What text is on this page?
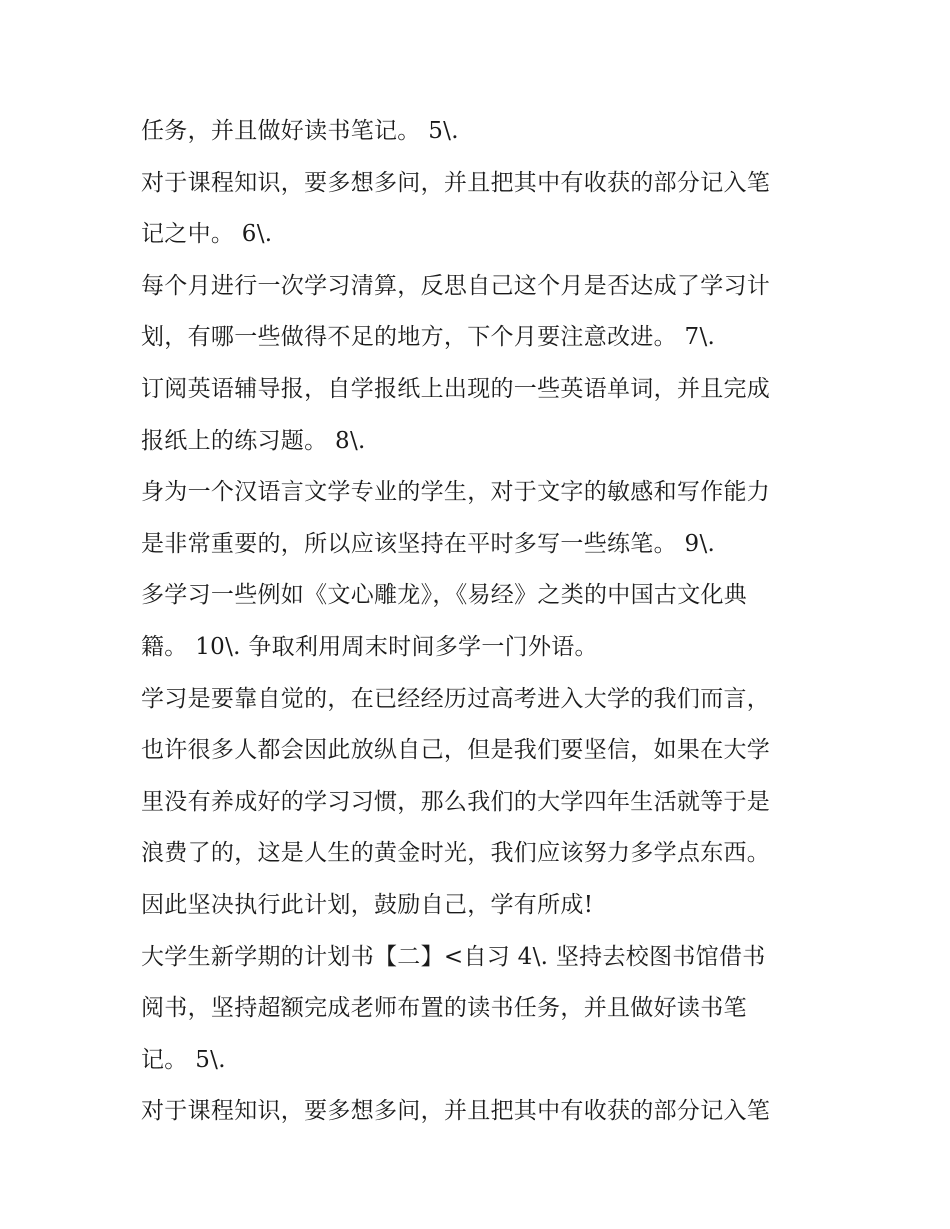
任务，并且做好读书笔记。 5\.
对于课程知识，要多想多问，并且把其中有收获的部分记入笔
记之中。 6\.
每个月进行一次学习清算，反思自己这个月是否达成了学习计
划，有哪一些做得不足的地方，下个月要注意改进。 7\.
订阅英语辅导报，自学报纸上出现的一些英语单词，并且完成
报纸上的练习题。 8\.
身为一个汉语言文学专业的学生，对于文字的敏感和写作能力
是非常重要的，所以应该坚持在平时多写一些练笔。 9\.
多学习一些例如《文心雕龙》，《易经》之类的中国古文化典
籍。 10\. 争取利用周末时间多学一门外语。
学习是要靠自觉的，在已经经历过高考进入大学的我们而言，
也许很多人都会因此放纵自己，但是我们要坚信，如果在大学
里没有养成好的学习习惯，那么我们的大学四年生活就等于是
浪费了的，这是人生的黄金时光，我们应该努力多学点东西。
因此坚决执行此计划，鼓励自己，学有所成!
大学生新学期的计划书【二】<自习 4\. 坚持去校图书馆借书
阅书，坚持超额完成老师布置的读书任务，并且做好读书笔
记。 5\.
对于课程知识，要多想多问，并且把其中有收获的部分记入笔
